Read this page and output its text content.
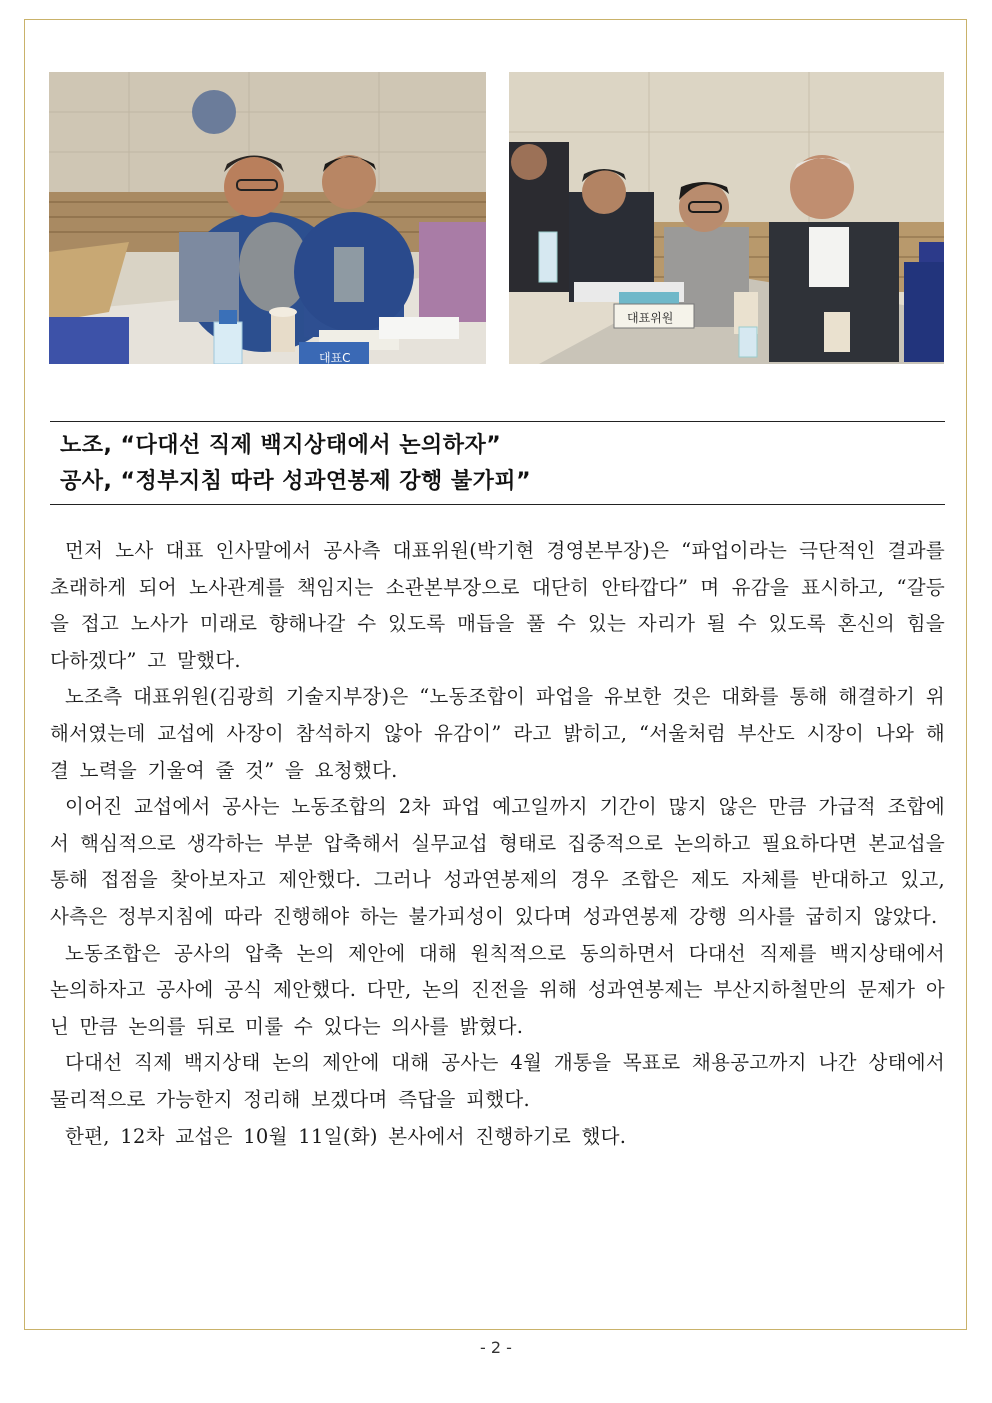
대표C
대표위원
노조, “다대선 직제 백지상태에서 논의하자”
공사, “정부지침 따라 성과연봉제 강행 불가피”

먼저 노사 대표 인사말에서 공사측 대표위원(박기현 경영본부장)은 “파업이라는 극단적인 결과를 초래하게 되어 노사관계를 책임지는 소관본부장으로 대단히 안타깝다” 며 유감을 표시하고, “갈등을 접고 노사가 미래로 향해나갈 수 있도록 매듭을 풀 수 있는 자리가 될 수 있도록 혼신의 힘을 다하겠다” 고 말했다.

노조측 대표위원(김광희 기술지부장)은 “노동조합이 파업을 유보한 것은 대화를 통해 해결하기 위해서였는데 교섭에 사장이 참석하지 않아 유감이” 라고 밝히고, “서울처럼 부산도 시장이 나와 해결 노력을 기울여 줄 것” 을 요청했다.

이어진 교섭에서 공사는 노동조합의 2차 파업 예고일까지 기간이 많지 않은 만큼 가급적 조합에서 핵심적으로 생각하는 부분 압축해서 실무교섭 형태로 집중적으로 논의하고 필요하다면 본교섭을 통해 접점을 찾아보자고 제안했다. 그러나 성과연봉제의 경우 조합은 제도 자체를 반대하고 있고, 사측은 정부지침에 따라 진행해야 하는 불가피성이 있다며 성과연봉제 강행 의사를 굽히지 않았다.

노동조합은 공사의 압축 논의 제안에 대해 원칙적으로 동의하면서 다대선 직제를 백지상태에서 논의하자고 공사에 공식 제안했다. 다만, 논의 진전을 위해 성과연봉제는 부산지하철만의 문제가 아닌 만큼 논의를 뒤로 미룰 수 있다는 의사를 밝혔다.

다대선 직제 백지상태 논의 제안에 대해 공사는 4월 개통을 목표로 채용공고까지 나간 상태에서 물리적으로 가능한지 정리해 보겠다며 즉답을 피했다.

한편, 12차 교섭은 10월 11일(화) 본사에서 진행하기로 했다.

- 2 -
